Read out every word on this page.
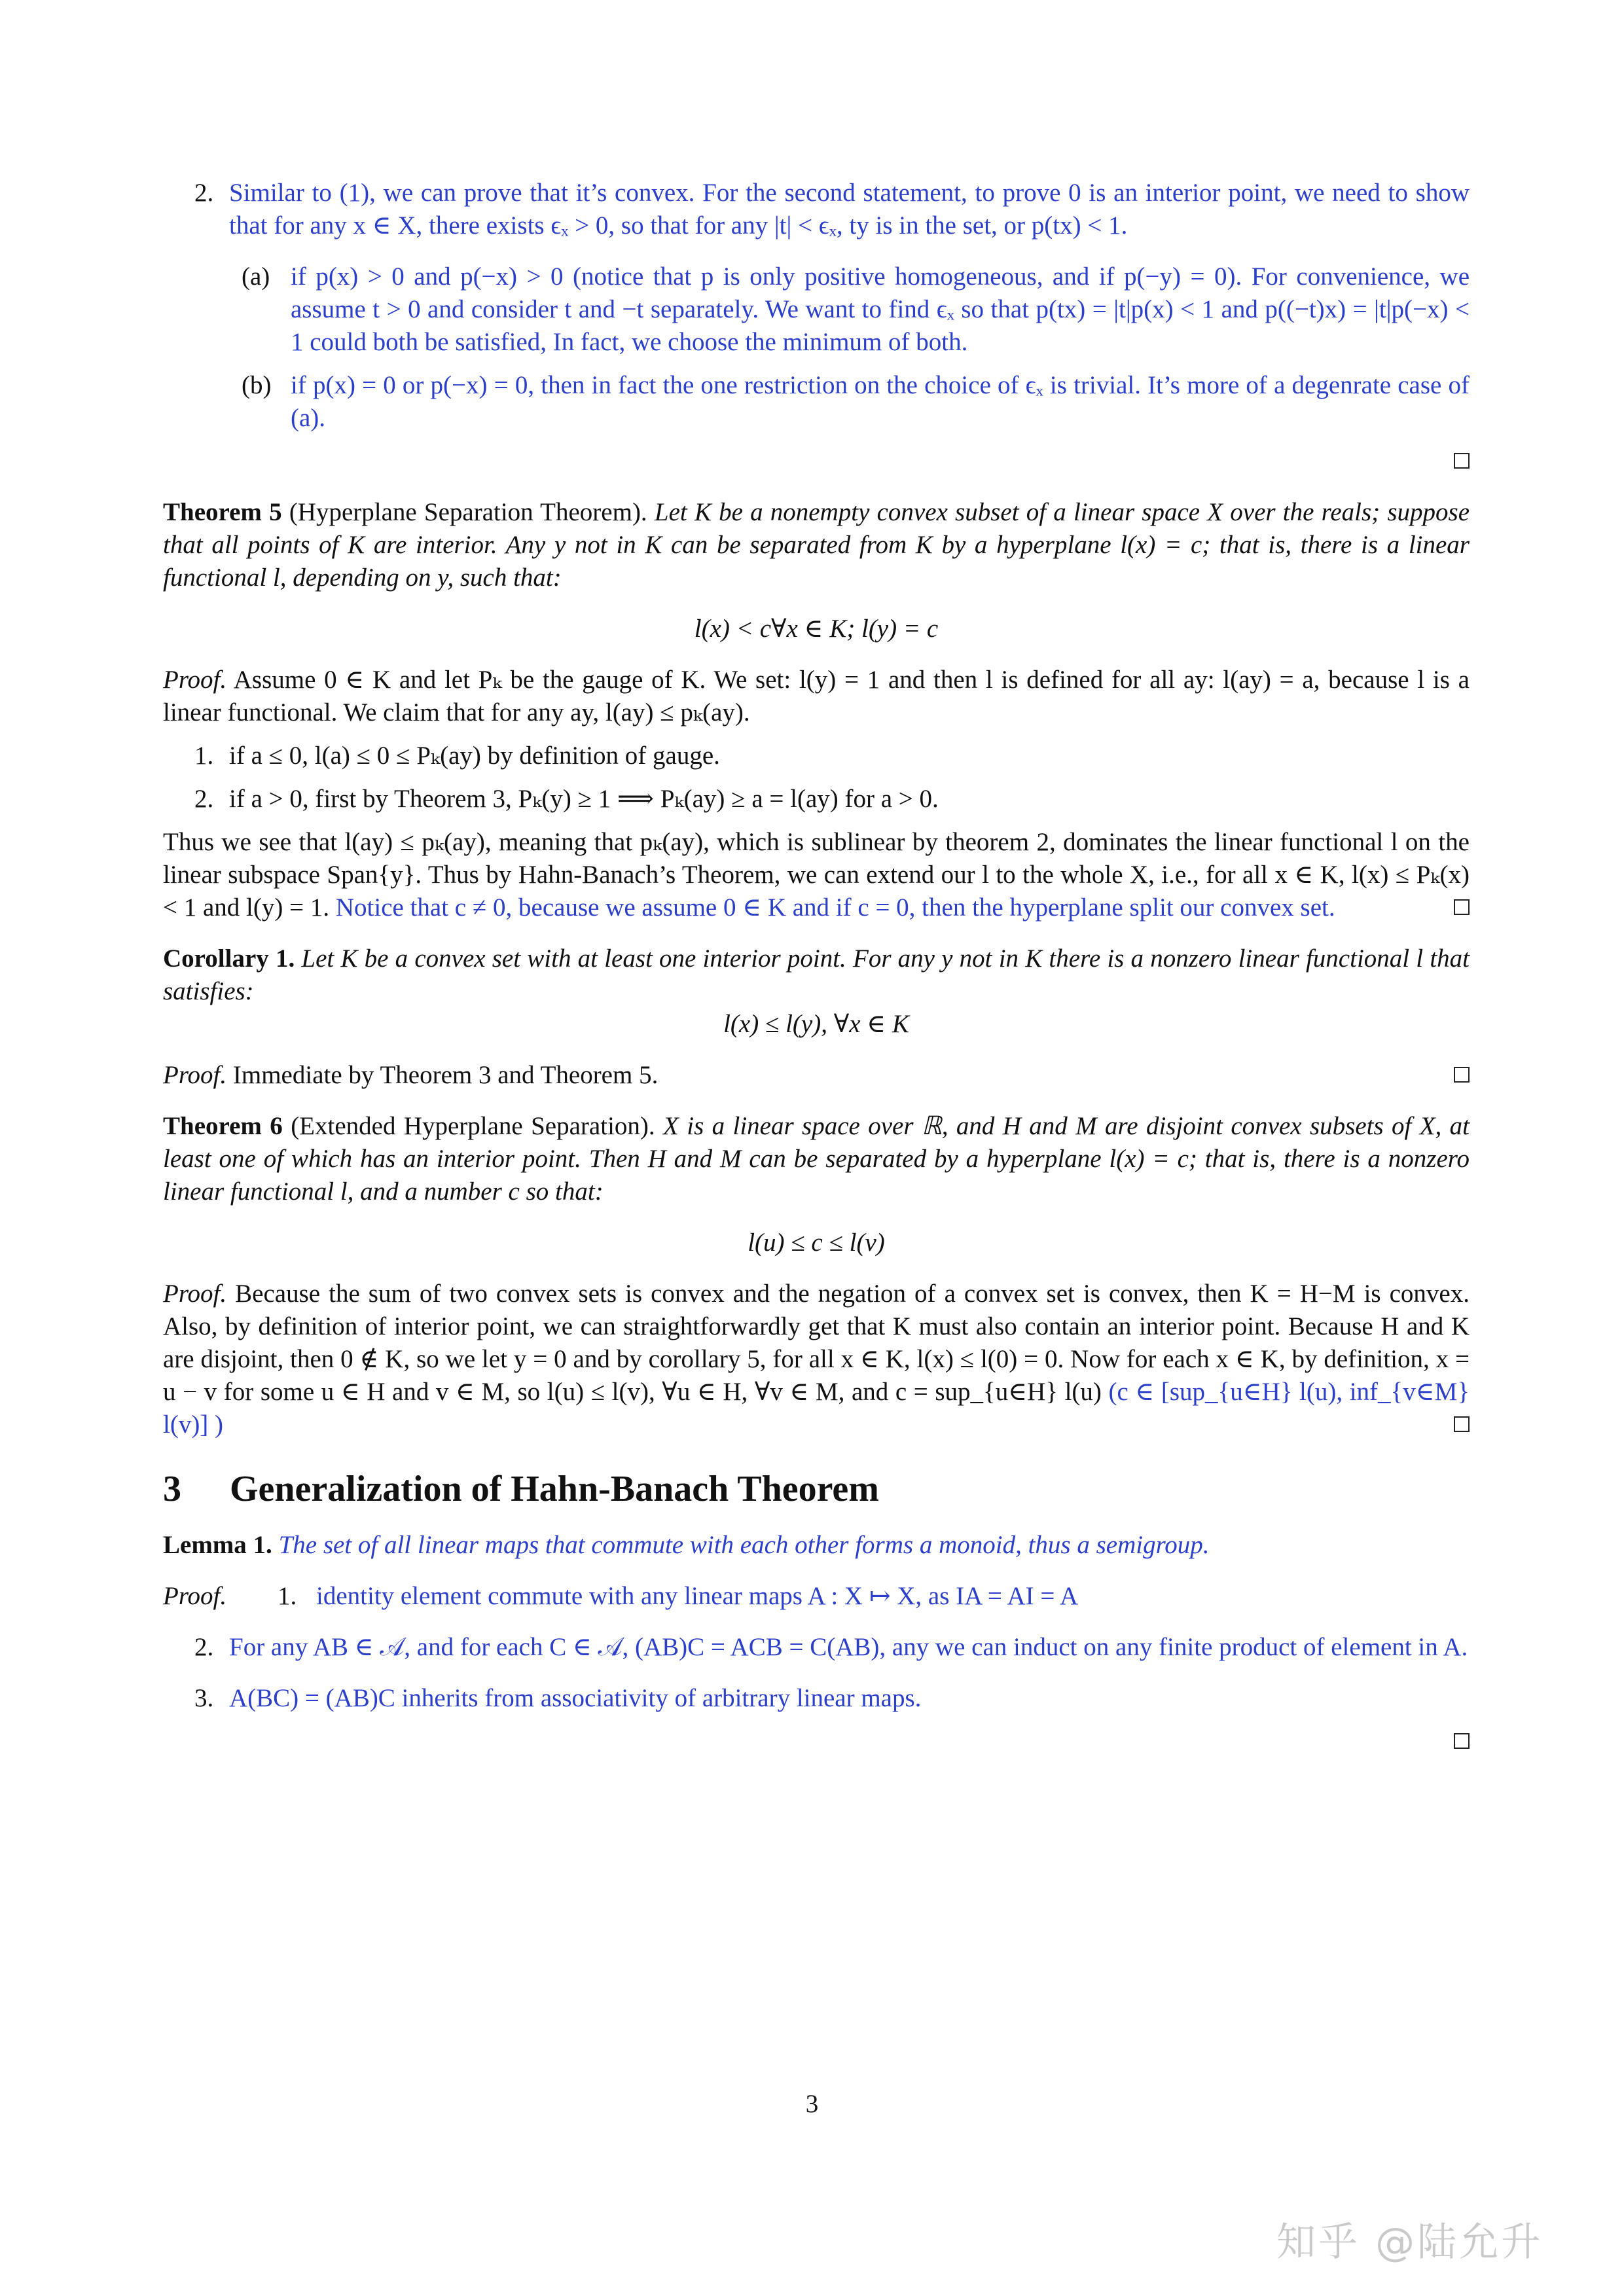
2. Similar to (1), we can prove that it’s convex. For the second statement, to prove 0 is an interior point, we need to show that for any x ∈ X, there exists ϵₓ > 0, so that for any |t| < ϵₓ, ty is in the set, or p(tx) < 1.
(a) if p(x) > 0 and p(−x) > 0 (notice that p is only positive homogeneous, and if p(−y) = 0). For convenience, we assume t > 0 and consider t and −t separately. We want to find ϵₓ so that p(tx) = |t|p(x) < 1 and p((−t)x) = |t|p(−x) < 1 could both be satisfied, In fact, we choose the minimum of both.
(b) if p(x) = 0 or p(−x) = 0, then in fact the one restriction on the choice of ϵₓ is trivial. It’s more of a degenrate case of (a).

Theorem 5 (Hyperplane Separation Theorem). Let K be a nonempty convex subset of a linear space X over the reals; suppose that all points of K are interior. Any y not in K can be separated from K by a hyperplane l(x) = c; that is, there is a linear functional l, depending on y, such that:

l(x) < c∀x ∈ K; l(y) = c

Proof. Assume 0 ∈ K and let Pₖ be the gauge of K. We set: l(y) = 1 and then l is defined for all ay: l(ay) = a, because l is a linear functional. We claim that for any ay, l(ay) ≤ pₖ(ay).

1. if a ≤ 0, l(a) ≤ 0 ≤ Pₖ(ay) by definition of gauge.
2. if a > 0, first by Theorem 3, Pₖ(y) ≥ 1 ⟹ Pₖ(ay) ≥ a = l(ay) for a > 0.

Thus we see that l(ay) ≤ pₖ(ay), meaning that pₖ(ay), which is sublinear by theorem 2, dominates the linear functional l on the linear subspace Span{y}. Thus by Hahn-Banach’s Theorem, we can extend our l to the whole X, i.e., for all x ∈ K, l(x) ≤ Pₖ(x) < 1 and l(y) = 1. Notice that c ≠ 0, because we assume 0 ∈ K and if c = 0, then the hyperplane split our convex set.

Corollary 1. Let K be a convex set with at least one interior point. For any y not in K there is a nonzero linear functional l that satisfies:

l(x) ≤ l(y), ∀x ∈ K

Proof. Immediate by Theorem 3 and Theorem 5.

Theorem 6 (Extended Hyperplane Separation). X is a linear space over ℝ, and H and M are disjoint convex subsets of X, at least one of which has an interior point. Then H and M can be separated by a hyperplane l(x) = c; that is, there is a nonzero linear functional l, and a number c so that:

l(u) ≤ c ≤ l(v)

Proof. Because the sum of two convex sets is convex and the negation of a convex set is convex, then K = H−M is convex. Also, by definition of interior point, we can straightforwardly get that K must also contain an interior point. Because H and K are disjoint, then 0 ∉ K, so we let y = 0 and by corollary 5, for all x ∈ K, l(x) ≤ l(0) = 0. Now for each x ∈ K, by definition, x = u − v for some u ∈ H and v ∈ M, so l(u) ≤ l(v), ∀u ∈ H, ∀v ∈ M, and c = sup_{u∈H} l(u) (c ∈ [sup_{u∈H} l(u), inf_{v∈M} l(v)] )

3 Generalization of Hahn-Banach Theorem

Lemma 1. The set of all linear maps that commute with each other forms a monoid, thus a semigroup.

Proof. 1. identity element commute with any linear maps A : X ↦ X, as IA = AI = A
2. For any AB ∈ 𝒜, and for each C ∈ 𝒜, (AB)C = ACB = C(AB), any we can induct on any finite product of element in A.
3. A(BC) = (AB)C inherits from associativity of arbitrary linear maps.
3
知乎 @陆允升
